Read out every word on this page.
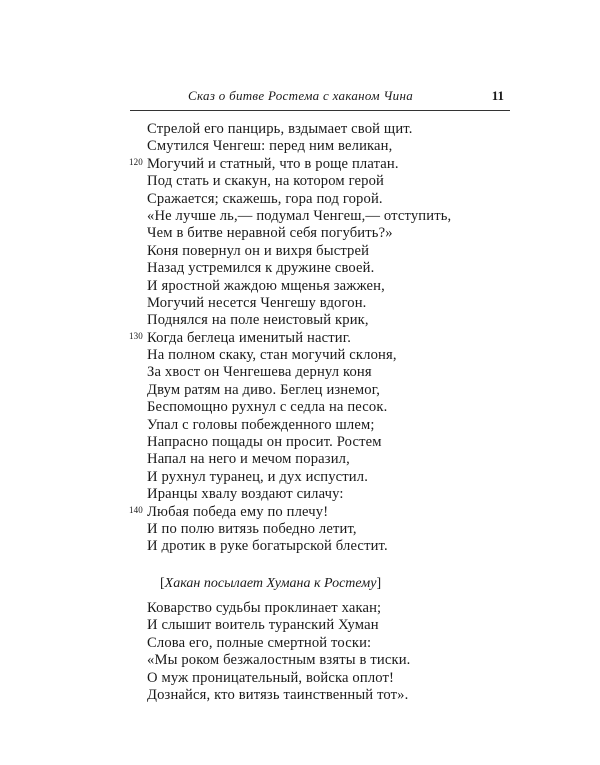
Сказ о битве Ростема с хаканом Чина	11
Стрелой его панцирь, вздымает свой щит.
Смутился Ченгеш: перед ним великан,
120 Могучий и статный, что в роще платан.
Под стать и скакун, на котором герой
Сражается; скажешь, гора под горой.
«Не лучше ль,— подумал Ченгеш,— отступить,
Чем в битве неравной себя погубить?»
Коня повернул он и вихря быстрей
Назад устремился к дружине своей.
И яростной жаждою мщенья зажжен,
Могучий несется Ченгешу вдогон.
Поднялся на поле неистовый крик,
130 Когда беглеца именитый настиг.
На полном скаку, стан могучий склоня,
За хвост он Ченгешева дернул коня
Двум ратям на диво. Беглец изнемог,
Беспомощно рухнул с седла на песок.
Упал с головы побежденного шлем;
Напрасно пощады он просит. Ростем
Напал на него и мечом поразил,
И рухнул туранец, и дух испустил.
Иранцы хвалу воздают силачу:
140 Любая победа ему по плечу!
И по полю витязь победно летит,
И дротик в руке богатырской блестит.
[Хакан посылает Хумана к Ростему]
Коварство судьбы проклинает хакан;
И слышит воитель туранский Хуман
Слова его, полные смертной тоски:
«Мы роком безжалостным взяты в тиски.
О муж проницательный, войска оплот!
Дознайся, кто витязь таинственный тот».
